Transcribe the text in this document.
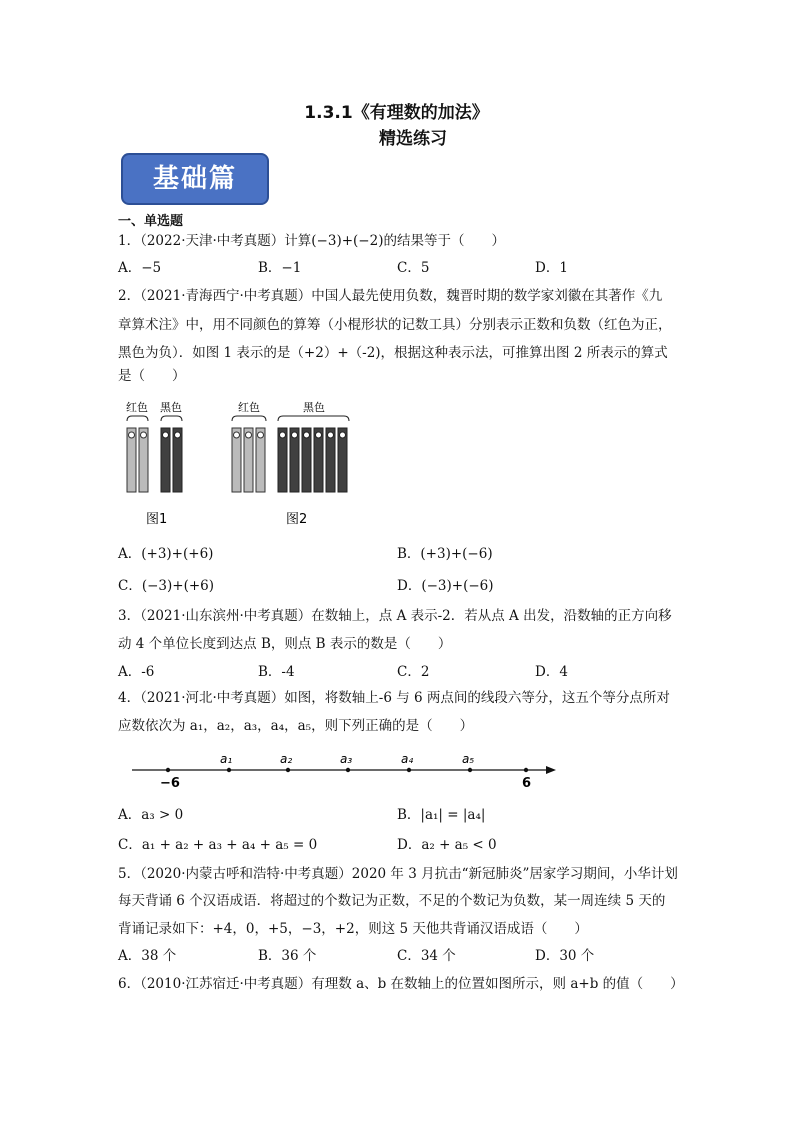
1.3.1《有理数的加法》
精选练习
基础篇
一、单选题
1．（2022·天津·中考真题）计算(−3)+(−2)的结果等于（　　）
A．−5	B．−1	C．5	D．1
2．（2021·青海西宁·中考真题）中国人最先使用负数，魏晋时期的数学家刘徽在其著作《九
章算术注》中，用不同颜色的算筹（小棍形状的记数工具）分别表示正数和负数（红色为正，
黑色为负）．如图 1 表示的是（+2）+（-2)，根据这种表示法，可推算出图 2 所表示的算式
是（　　）
红色 黑色
图1
红色	黑色
图2
A．(+3)+(+6)	B．(+3)+(−6)
C．(−3)+(+6)	D．(−3)+(−6)
3．（2021·山东滨州·中考真题）在数轴上，点 A 表示-2．若从点 A 出发，沿数轴的正方向移
动 4 个单位长度到达点 B，则点 B 表示的数是（　　）
A．-6	B．-4	C．2	D．4
4．（2021·河北·中考真题）如图，将数轴上-6 与 6 两点间的线段六等分，这五个等分点所对
应数依次为 a₁，a₂，a₃，a₄，a₅，则下列正确的是（　　）
a₁	a₂	a₃	a₄	a₅
−6	6
A．a₃ > 0	B．|a₁| = |a₄|
C．a₁ + a₂ + a₃ + a₄ + a₅ = 0	D．a₂ + a₅ < 0
5．（2020·内蒙古呼和浩特·中考真题）2020 年 3 月抗击“新冠肺炎”居家学习期间，小华计划
每天背诵 6 个汉语成语．将超过的个数记为正数，不足的个数记为负数，某一周连续 5 天的
背诵记录如下：+4，0，+5，−3，+2，则这 5 天他共背诵汉语成语（　　）
A．38 个	B．36 个	C．34 个	D．30 个
6．（2010·江苏宿迁·中考真题）有理数 a、b 在数轴上的位置如图所示，则 a+b 的值（　　）
